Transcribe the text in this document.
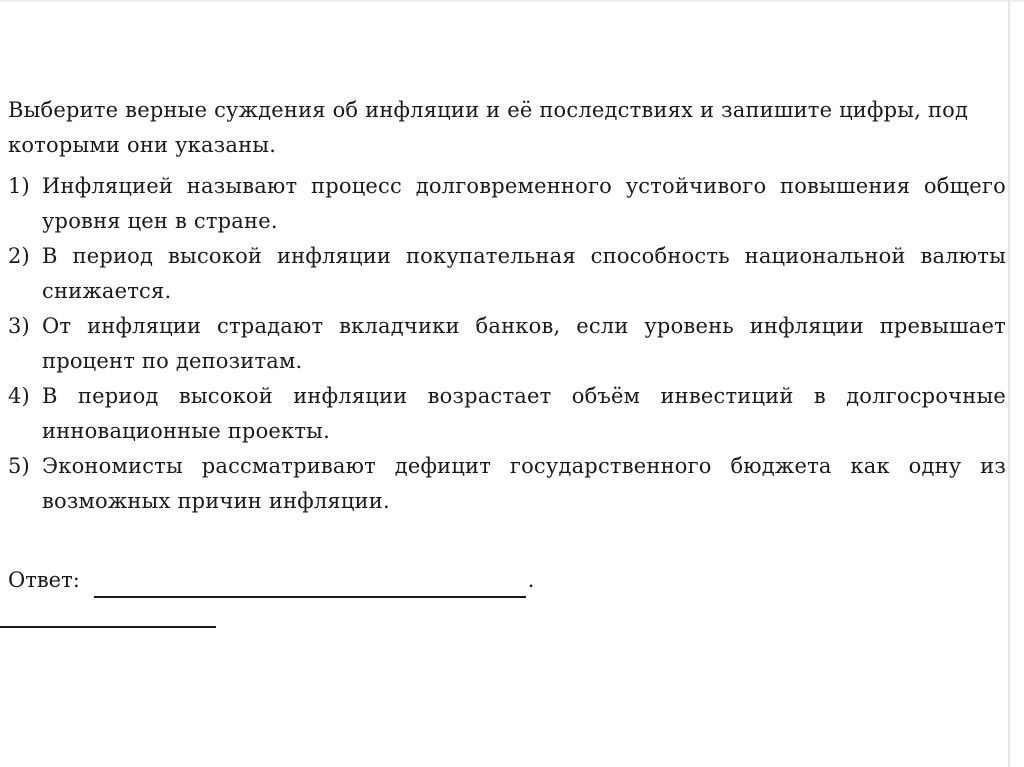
Выберите верные суждения об инфляции и её последствиях и запишите цифры, под которыми они указаны.

1) Инфляцией называют процесс долговременного устойчивого повышения общего уровня цен в стране.
2) В период высокой инфляции покупательная способность национальной валюты снижается.
3) От инфляции страдают вкладчики банков, если уровень инфляции превышает процент по депозитам.
4) В период высокой инфляции возрастает объём инвестиций в долгосрочные инновационные проекты.
5) Экономисты рассматривают дефицит государственного бюджета как одну из возможных причин инфляции.
Ответ:	.
